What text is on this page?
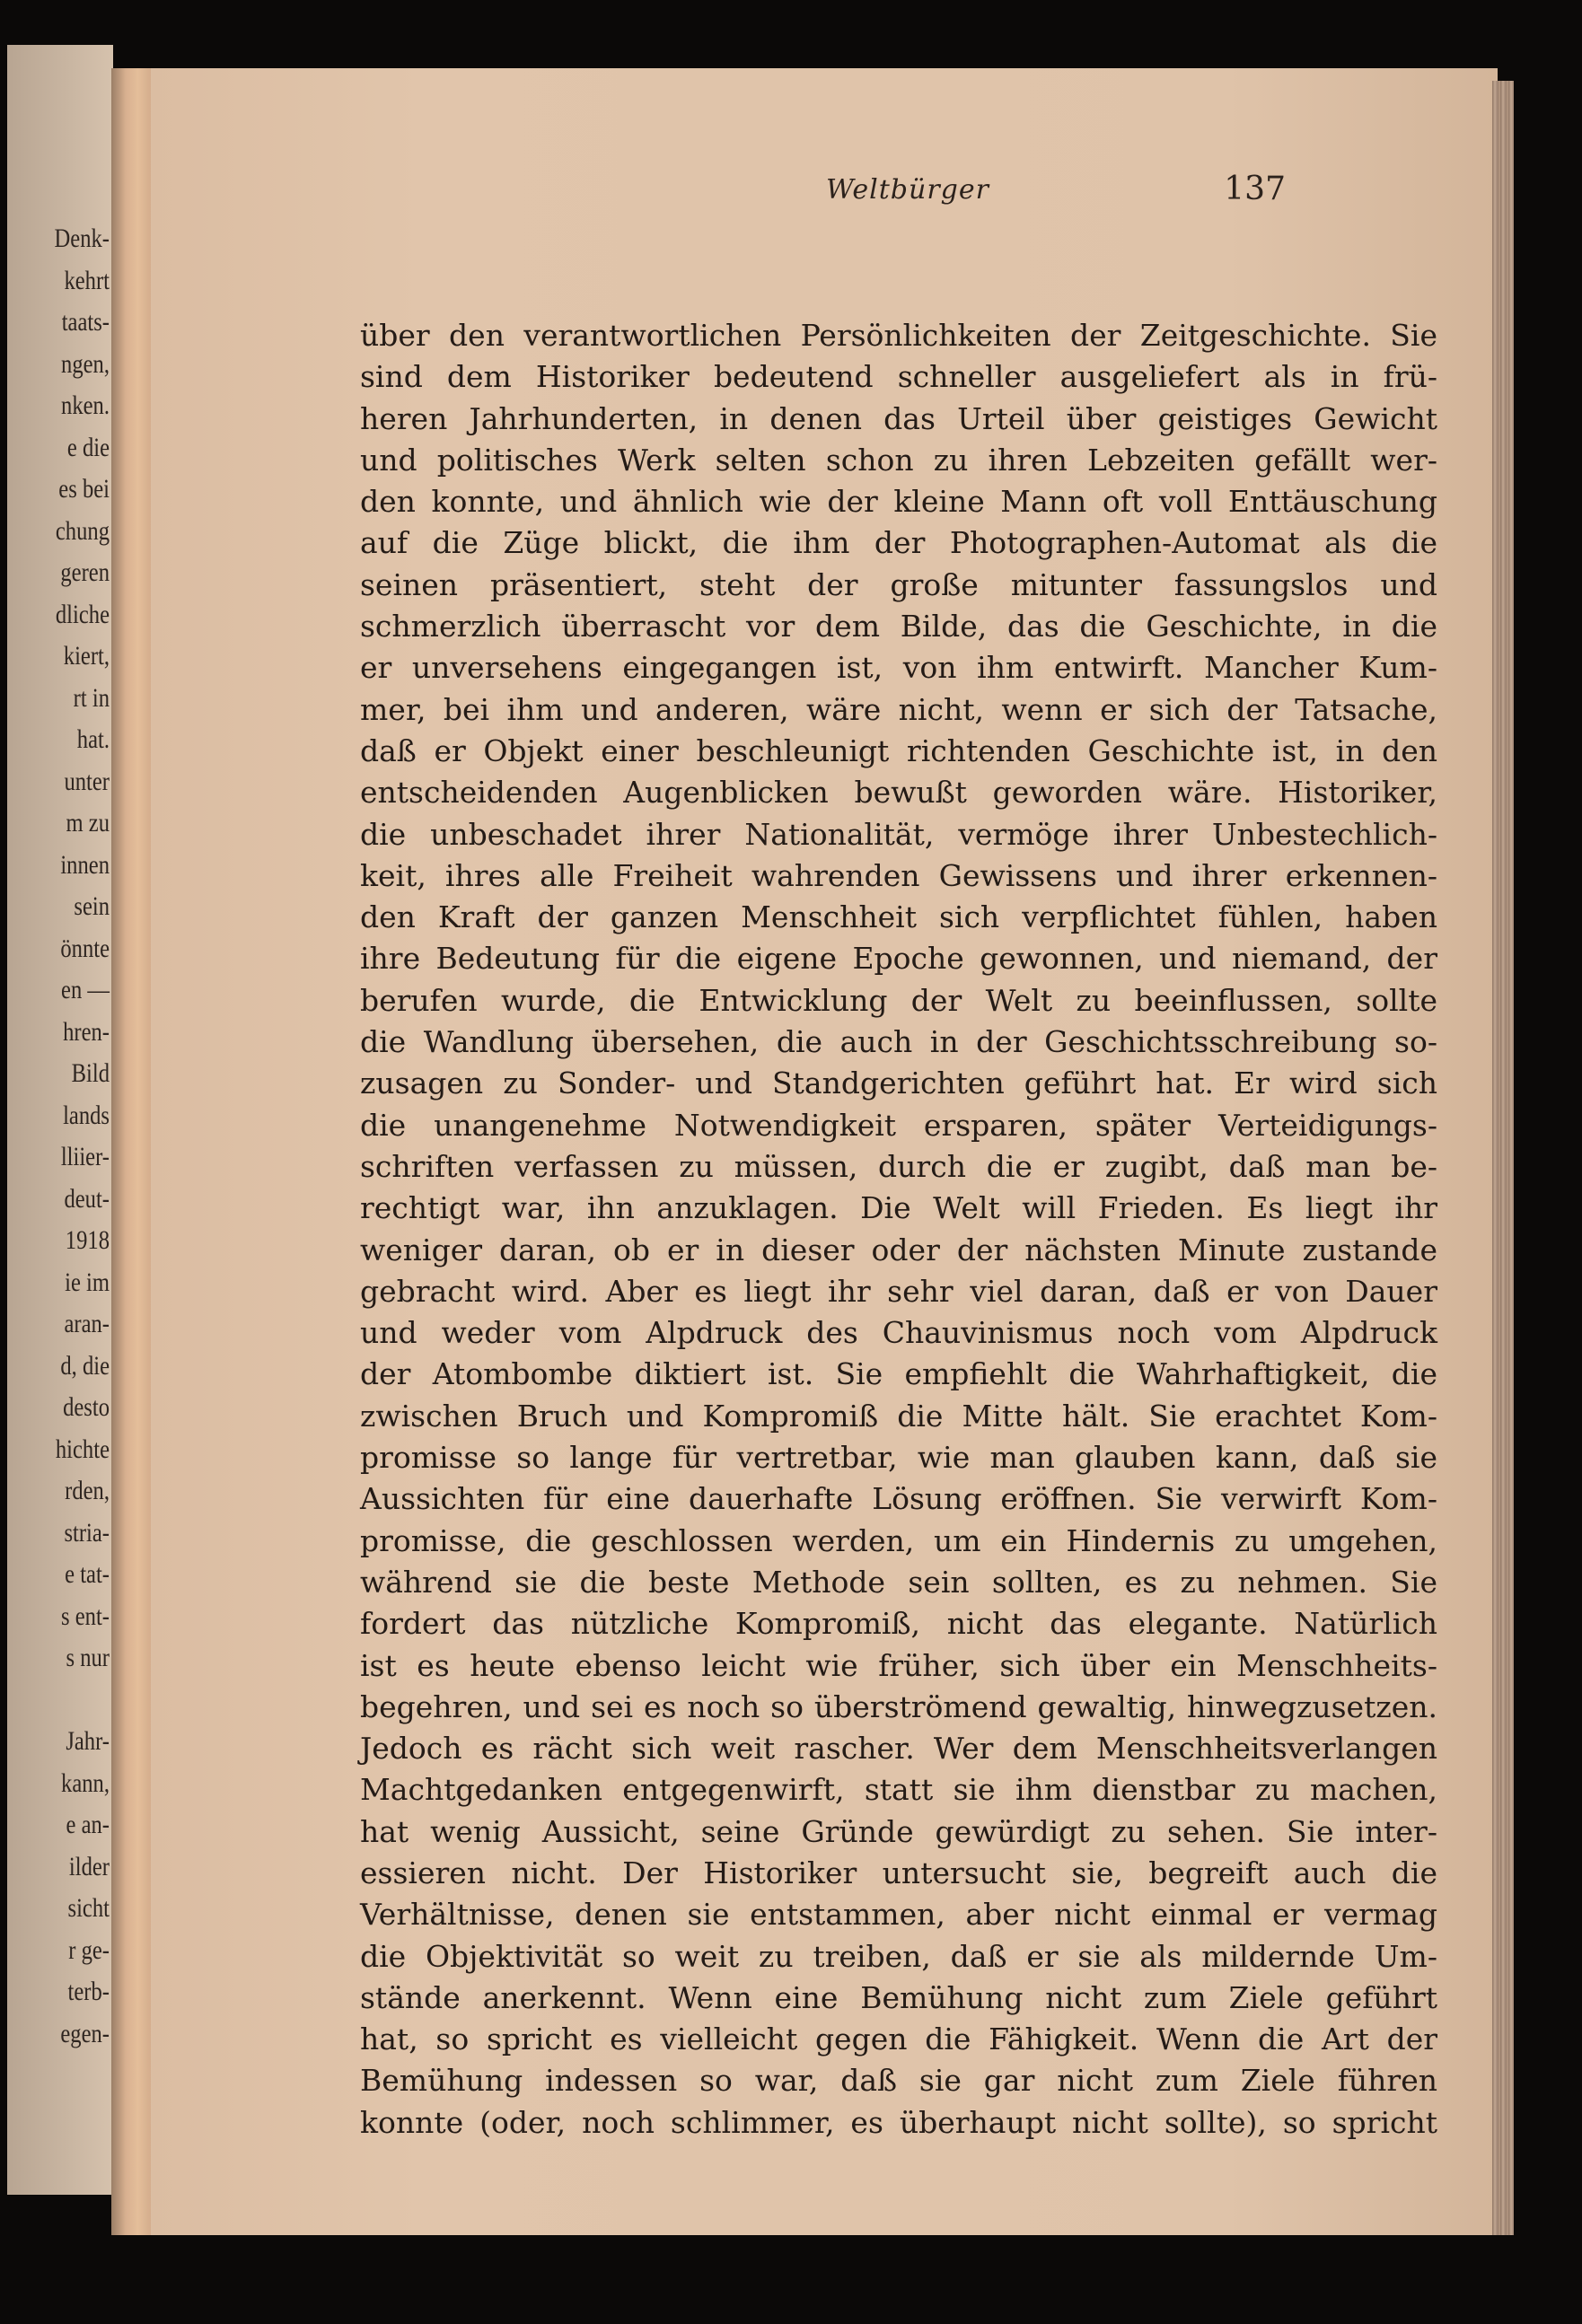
Denk-
kehrt
taats-
ngen,
nken.
e die
es bei
chung
geren
dliche
kiert,
rt in
hat.
unter
m zu
innen
sein
önnte
en —
hren-
Bild
lands
lliier-
deut-
1918
ie im
aran-
d, die
desto
hichte
rden,
stria-
e tat-
s ent-
s nur
Jahr-
kann,
e an-
ilder
sicht
r ge-
terb-
egen-
Weltbürger	137
über den verantwortlichen Persönlichkeiten der Zeitgeschichte. Sie
sind dem Historiker bedeutend schneller ausgeliefert als in frü-
heren Jahrhunderten, in denen das Urteil über geistiges Gewicht
und politisches Werk selten schon zu ihren Lebzeiten gefällt wer-
den konnte, und ähnlich wie der kleine Mann oft voll Enttäuschung
auf die Züge blickt, die ihm der Photographen-Automat als die
seinen präsentiert, steht der große mitunter fassungslos und
schmerzlich überrascht vor dem Bilde, das die Geschichte, in die
er unversehens eingegangen ist, von ihm entwirft. Mancher Kum-
mer, bei ihm und anderen, wäre nicht, wenn er sich der Tatsache,
daß er Objekt einer beschleunigt richtenden Geschichte ist, in den
entscheidenden Augenblicken bewußt geworden wäre. Historiker,
die unbeschadet ihrer Nationalität, vermöge ihrer Unbestechlich-
keit, ihres alle Freiheit wahrenden Gewissens und ihrer erkennen-
den Kraft der ganzen Menschheit sich verpflichtet fühlen, haben
ihre Bedeutung für die eigene Epoche gewonnen, und niemand, der
berufen wurde, die Entwicklung der Welt zu beeinflussen, sollte
die Wandlung übersehen, die auch in der Geschichtsschreibung so-
zusagen zu Sonder- und Standgerichten geführt hat. Er wird sich
die unangenehme Notwendigkeit ersparen, später Verteidigungs-
schriften verfassen zu müssen, durch die er zugibt, daß man be-
rechtigt war, ihn anzuklagen. Die Welt will Frieden. Es liegt ihr
weniger daran, ob er in dieser oder der nächsten Minute zustande
gebracht wird. Aber es liegt ihr sehr viel daran, daß er von Dauer
und weder vom Alpdruck des Chauvinismus noch vom Alpdruck
der Atombombe diktiert ist. Sie empfiehlt die Wahrhaftigkeit, die
zwischen Bruch und Kompromiß die Mitte hält. Sie erachtet Kom-
promisse so lange für vertretbar, wie man glauben kann, daß sie
Aussichten für eine dauerhafte Lösung eröffnen. Sie verwirft Kom-
promisse, die geschlossen werden, um ein Hindernis zu umgehen,
während sie die beste Methode sein sollten, es zu nehmen. Sie
fordert das nützliche Kompromiß, nicht das elegante. Natürlich
ist es heute ebenso leicht wie früher, sich über ein Menschheits-
begehren, und sei es noch so überströmend gewaltig, hinwegzusetzen.
Jedoch es rächt sich weit rascher. Wer dem Menschheitsverlangen
Machtgedanken entgegenwirft, statt sie ihm dienstbar zu machen,
hat wenig Aussicht, seine Gründe gewürdigt zu sehen. Sie inter-
essieren nicht. Der Historiker untersucht sie, begreift auch die
Verhältnisse, denen sie entstammen, aber nicht einmal er vermag
die Objektivität so weit zu treiben, daß er sie als mildernde Um-
stände anerkennt. Wenn eine Bemühung nicht zum Ziele geführt
hat, so spricht es vielleicht gegen die Fähigkeit. Wenn die Art der
Bemühung indessen so war, daß sie gar nicht zum Ziele führen
konnte (oder, noch schlimmer, es überhaupt nicht sollte), so spricht
